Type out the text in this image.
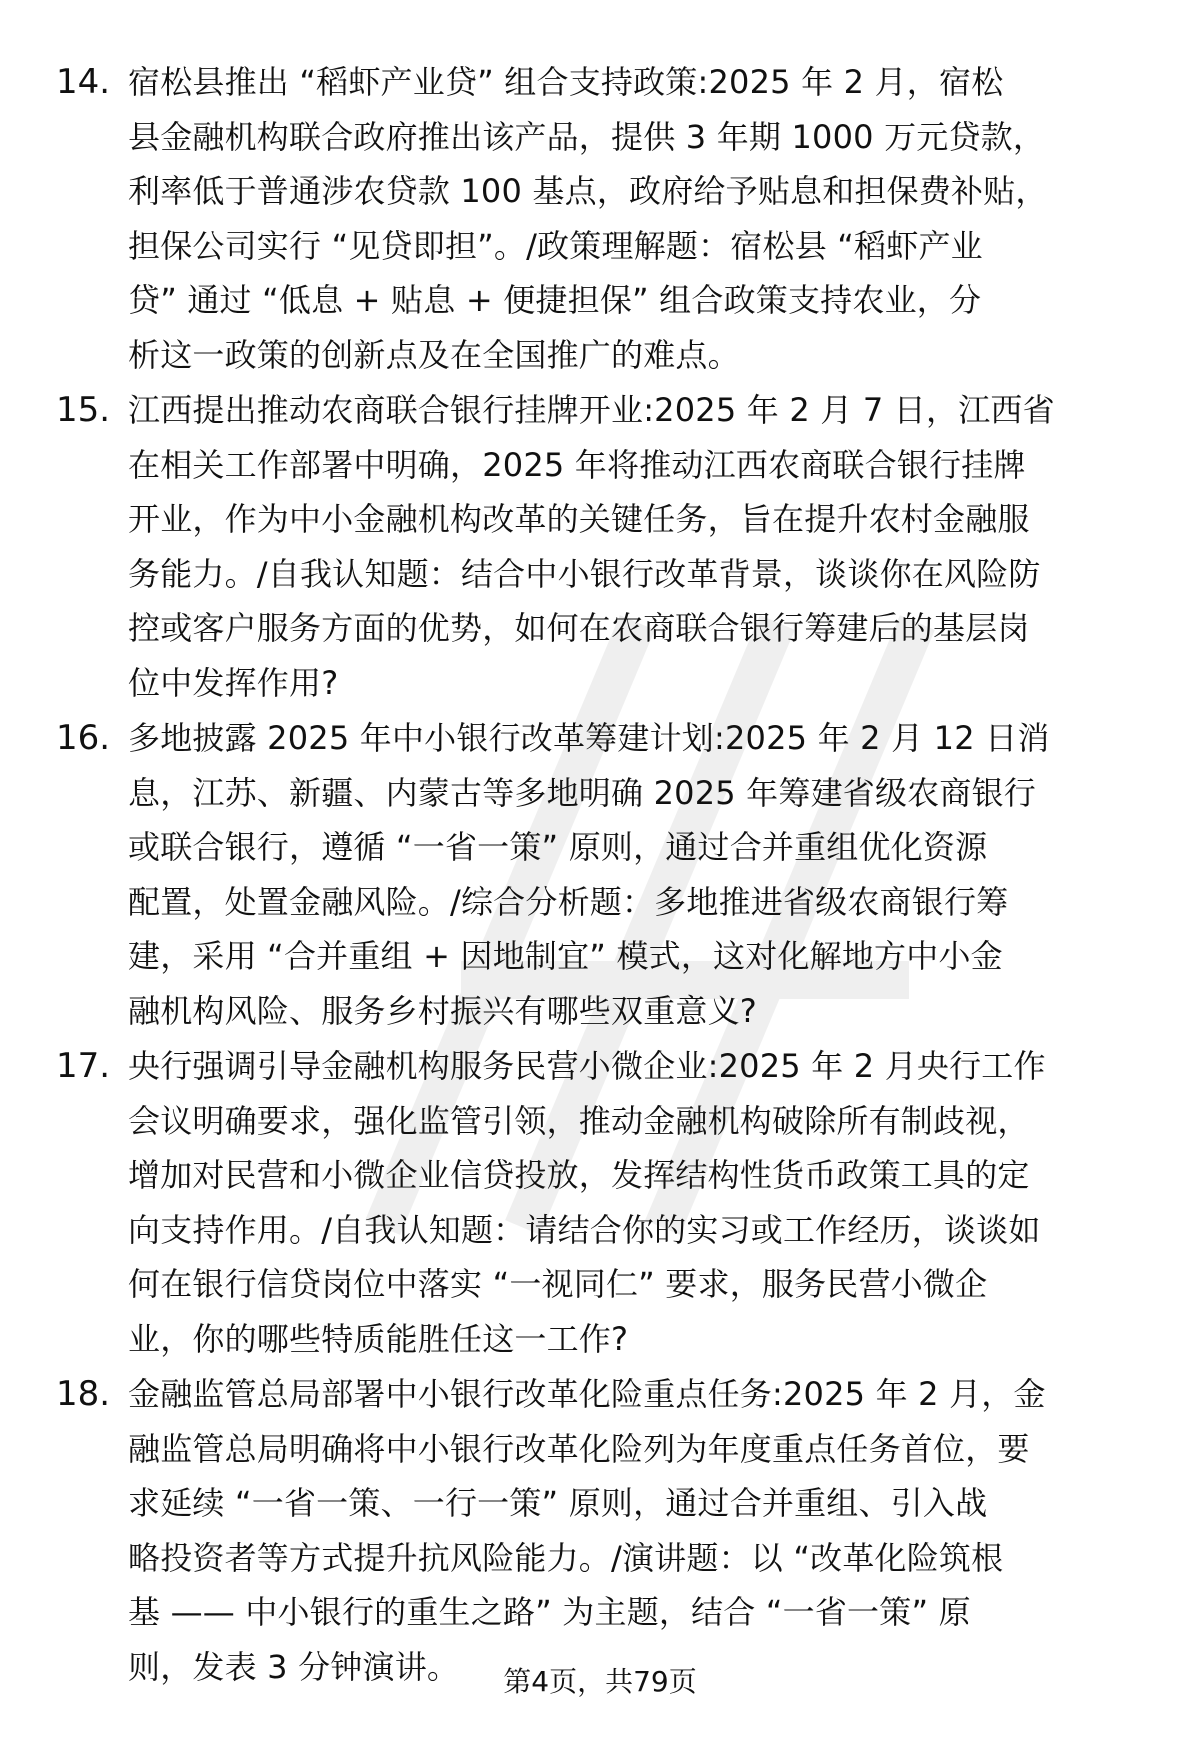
14. 宿松县推出 “稻虾产业贷” 组合支持政策:2025 年 2 月，宿松
县金融机构联合政府推出该产品，提供 3 年期 1000 万元贷款，
利率低于普通涉农贷款 100 基点，政府给予贴息和担保费补贴，
担保公司实行 “见贷即担”。/政策理解题：宿松县 “稻虾产业
贷” 通过 “低息 + 贴息 + 便捷担保” 组合政策支持农业，分
析这一政策的创新点及在全国推广的难点。
15. 江西提出推动农商联合银行挂牌开业:2025 年 2 月 7 日，江西省
在相关工作部署中明确，2025 年将推动江西农商联合银行挂牌
开业，作为中小金融机构改革的关键任务，旨在提升农村金融服
务能力。/自我认知题：结合中小银行改革背景，谈谈你在风险防
控或客户服务方面的优势，如何在农商联合银行筹建后的基层岗
位中发挥作用?
16. 多地披露 2025 年中小银行改革筹建计划:2025 年 2 月 12 日消
息，江苏、新疆、内蒙古等多地明确 2025 年筹建省级农商银行
或联合银行，遵循 “一省一策” 原则，通过合并重组优化资源
配置，处置金融风险。/综合分析题：多地推进省级农商银行筹
建，采用 “合并重组 + 因地制宜” 模式，这对化解地方中小金
融机构风险、服务乡村振兴有哪些双重意义?
17. 央行强调引导金融机构服务民营小微企业:2025 年 2 月央行工作
会议明确要求，强化监管引领，推动金融机构破除所有制歧视，
增加对民营和小微企业信贷投放，发挥结构性货币政策工具的定
向支持作用。/自我认知题：请结合你的实习或工作经历，谈谈如
何在银行信贷岗位中落实 “一视同仁” 要求，服务民营小微企
业，你的哪些特质能胜任这一工作?
18. 金融监管总局部署中小银行改革化险重点任务:2025 年 2 月，金
融监管总局明确将中小银行改革化险列为年度重点任务首位，要
求延续 “一省一策、一行一策” 原则，通过合并重组、引入战
略投资者等方式提升抗风险能力。/演讲题：以 “改革化险筑根
基 —— 中小银行的重生之路” 为主题，结合 “一省一策” 原
则，发表 3 分钟演讲。	第4页，共79页
